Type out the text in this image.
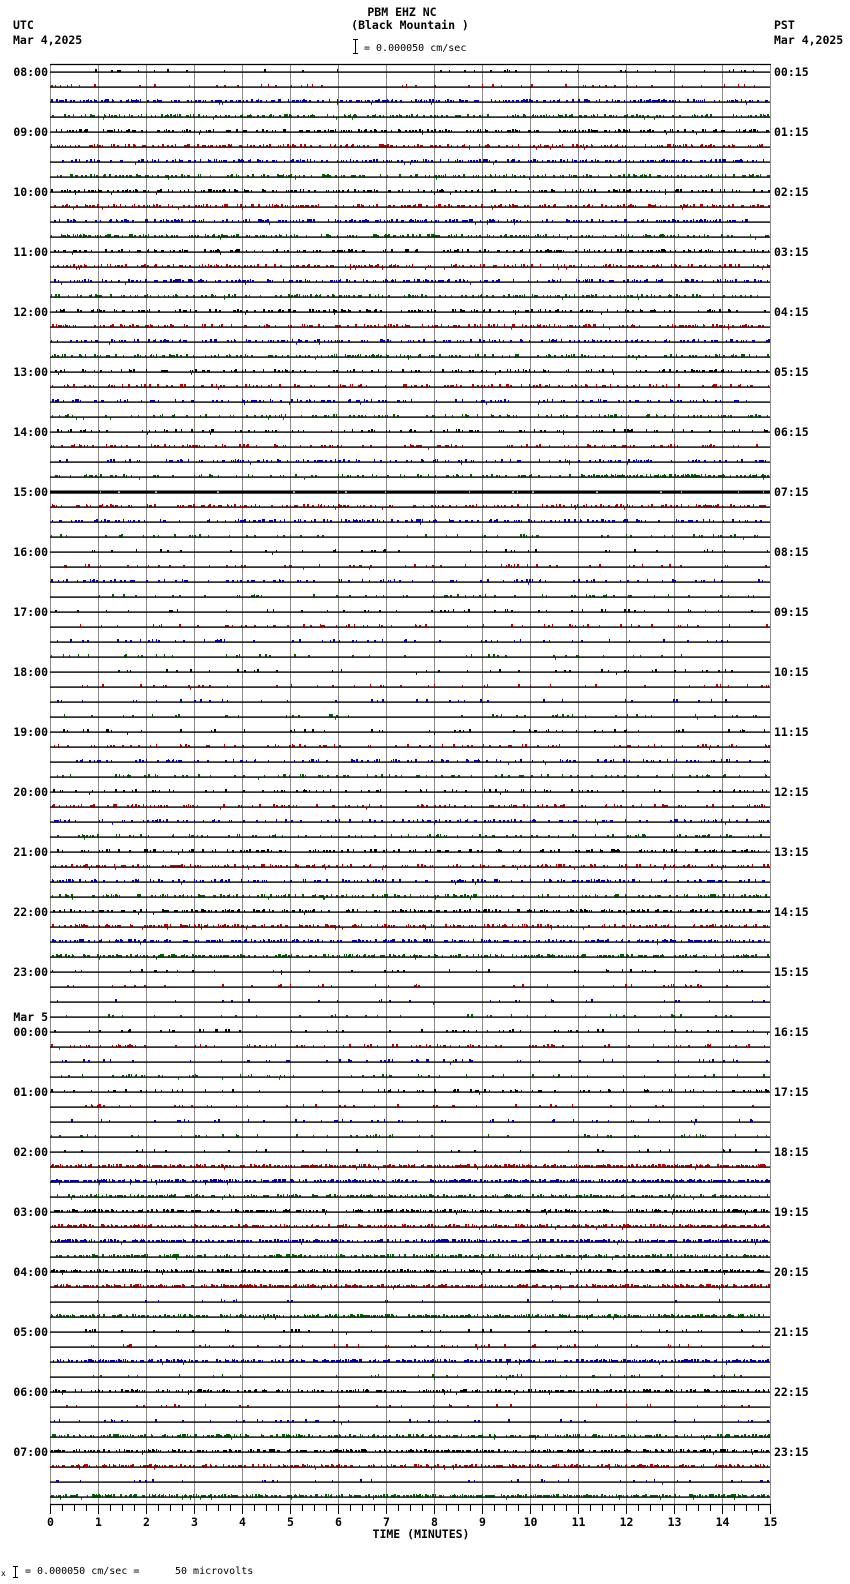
PBM EHZ NC
(Black Mountain )
= 0.000050 cm/sec
UTC
Mar 4,2025
PST
Mar 4,2025
08:00	00:15
09:00	01:15
10:00	02:15
11:00	03:15
12:00	04:15
13:00	05:15
14:00	06:15
15:00	07:15
16:00	08:15
17:00	09:15
18:00	10:15
19:00	11:15
20:00	12:15
21:00	13:15
22:00	14:15
23:00	15:15
00:00	16:15
Mar 5
01:00	17:15
02:00	18:15
03:00	19:15
04:00	20:15
05:00	21:15
06:00	22:15
07:00	23:15
0	1	2	3	4	5	6	7	8	9	10	11	12	13	14	15
TIME (MINUTES)
x = 0.000050 cm/sec =	50 microvolts
